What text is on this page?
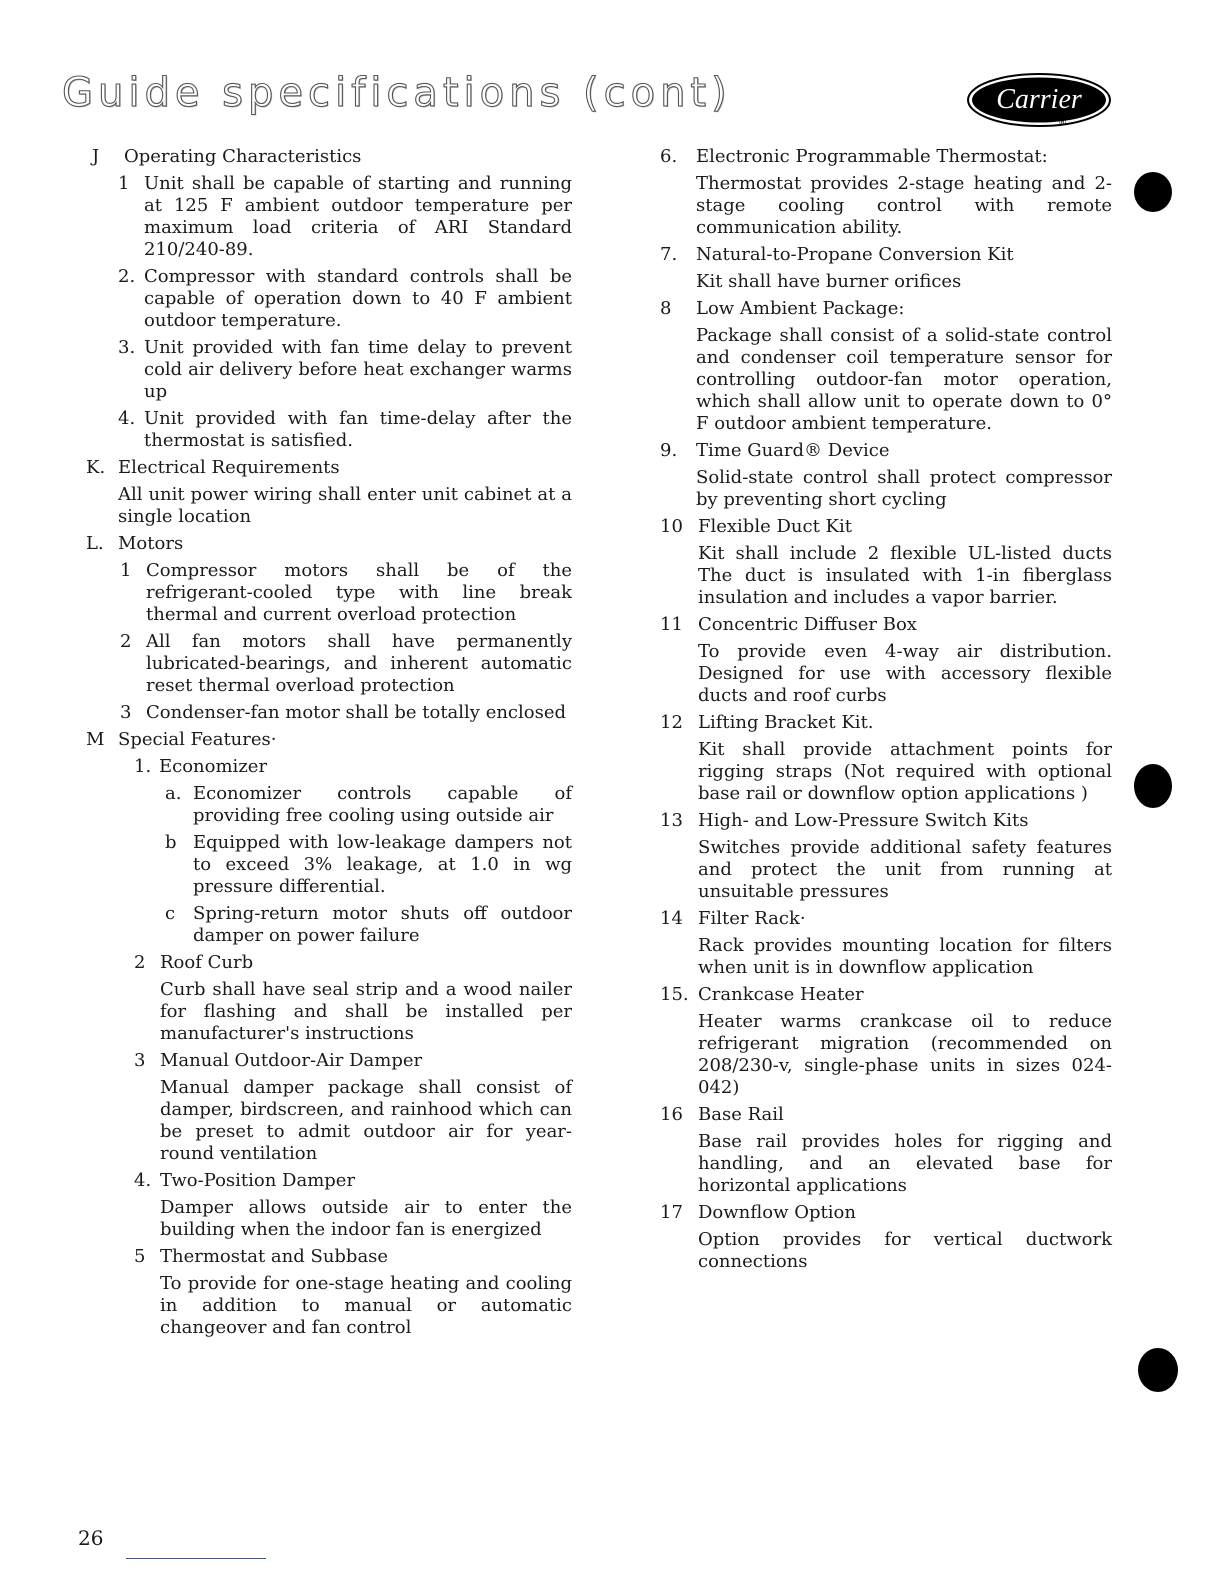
Guide specifications (cont)	Carrier
®
J	Operating Characteristics
1 Unit shall be capable of starting and running at 125 F ambient outdoor temperature per maximum load criteria of ARI Standard 210/240-89.
2. Compressor with standard controls shall be capable of operation down to 40 F ambient outdoor temperature.
3. Unit provided with fan time delay to prevent cold air delivery before heat exchanger warms up
4. Unit provided with fan time-delay after the thermostat is satisfied.
K. Electrical Requirements
All unit power wiring shall enter unit cabinet at a single location
L. Motors
1 Compressor motors shall be of the refrigerant-cooled type with line break thermal and current overload protection
2 All fan motors shall have permanently lubricated-bearings, and inherent automatic reset thermal overload protection
3 Condenser-fan motor shall be totally enclosed
M Special Features·
1. Economizer
a. Economizer controls capable of providing free cooling using outside air
b Equipped with low-leakage dampers not to exceed 3% leakage, at 1.0 in wg pressure differential.
c Spring-return motor shuts off outdoor damper on power failure
2 Roof Curb
Curb shall have seal strip and a wood nailer for flashing and shall be installed per manufacturer's instructions
3 Manual Outdoor-Air Damper
Manual damper package shall consist of damper, birdscreen, and rainhood which can be preset to admit outdoor air for year-round ventilation
4. Two-Position Damper
Damper allows outside air to enter the building when the indoor fan is energized
5 Thermostat and Subbase
To provide for one-stage heating and cooling in addition to manual or automatic changeover and fan control
6.	Electronic Programmable Thermostat:
Thermostat provides 2-stage heating and 2-stage cooling control with remote communication ability.
7.	Natural-to-Propane Conversion Kit
Kit shall have burner orifices
8	Low Ambient Package:
Package shall consist of a solid-state control and condenser coil temperature sensor for controlling outdoor-fan motor operation, which shall allow unit to operate down to 0° F outdoor ambient temperature.
9.	Time Guard® Device
Solid-state control shall protect compressor by preventing short cycling
10 Flexible Duct Kit
Kit shall include 2 flexible UL-listed ducts The duct is insulated with 1-in fiberglass insulation and includes a vapor barrier.
11 Concentric Diffuser Box
To provide even 4-way air distribution. Designed for use with accessory flexible ducts and roof curbs
12 Lifting Bracket Kit.
Kit shall provide attachment points for rigging straps (Not required with optional base rail or downflow option applications )
13 High- and Low-Pressure Switch Kits
Switches provide additional safety features and protect the unit from running at unsuitable pressures
14 Filter Rack·
Rack provides mounting location for filters when unit is in downflow application
15. Crankcase Heater
Heater warms crankcase oil to reduce refrigerant migration (recommended on 208/230-v, single-phase units in sizes 024-042)
16 Base Rail
Base rail provides holes for rigging and handling, and an elevated base for horizontal applications
17 Downflow Option
Option provides for vertical ductwork connections
26
